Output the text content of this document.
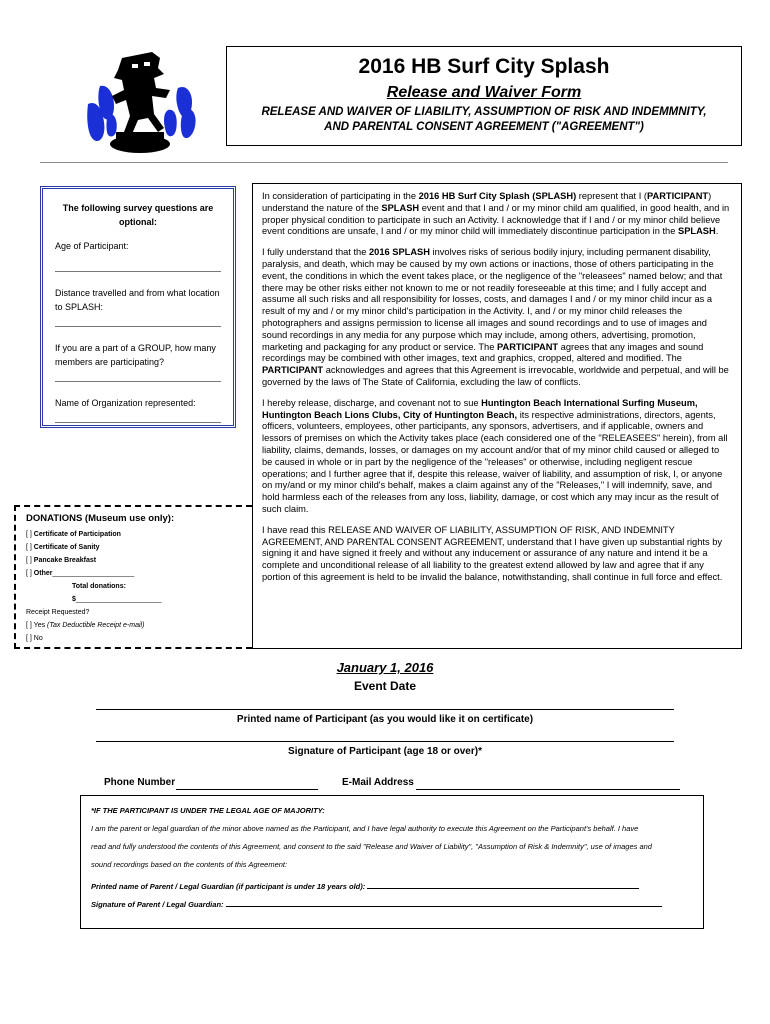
2016 HB Surf City Splash
Release and Waiver Form
RELEASE AND WAIVER OF LIABILITY, ASSUMPTION OF RISK AND INDEMMNITY,
AND PARENTAL CONSENT AGREEMENT ("AGREEMENT")
The following survey questions are
optional:
Age of Participant:
Distance travelled and from what location to SPLASH:
If you are a part of a GROUP, how many members are participating?
Name of Organization represented:
DONATIONS (Museum use only):
[ ] Certificate of Participation
[ ] Certificate of Sanity
[ ] Pancake Breakfast
[ ] Other_____________________
Total donations:
$______________________
Receipt Requested?
[ ] Yes (Tax Deductible Receipt e-mail)
[ ] No

In consideration of participating in the 2016 HB Surf City Splash (SPLASH) represent that I (PARTICIPANT) understand the nature of the SPLASH event and that I and / or my minor child am qualified, in good health, and in proper physical condition to participate in such an Activity. I acknowledge that if I and / or my minor child believe event conditions are unsafe, I and / or my minor child will immediately discontinue participation in the SPLASH.

I fully understand that the 2016 SPLASH involves risks of serious bodily injury, including permanent disability, paralysis, and death, which may be caused by my own actions or inactions, those of others participating in the event, the conditions in which the event takes place, or the negligence of the "releasees" named below; and that there may be other risks either not known to me or not readily foreseeable at this time; and I fully accept and assume all such risks and all responsibility for losses, costs, and damages I and / or my minor child incur as a result of my and / or my minor child's participation in the Activity. I, and / or my minor child releases the photographers and assigns permission to license all images and sound recordings and to use of images and sound recordings in any media for any purpose which may include, among others, advertising, promotion, marketing and packaging for any product or service. The PARTICIPANT agrees that any images and sound recordings may be combined with other images, text and graphics, cropped, altered and modified. The PARTICIPANT acknowledges and agrees that this Agreement is irrevocable, worldwide and perpetual, and will be governed by the laws of The State of California, excluding the law of conflicts.

I hereby release, discharge, and covenant not to sue Huntington Beach International Surfing Museum, Huntington Beach Lions Clubs, City of Huntington Beach, its respective administrations, directors, agents, officers, volunteers, employees, other participants, any sponsors, advertisers, and if applicable, owners and lessors of premises on which the Activity takes place (each considered one of the "RELEASEES" herein), from all liability, claims, demands, losses, or damages on my account and/or that of my minor child caused or alleged to be caused in whole or in part by the negligence of the "releases" or otherwise, including negligent rescue operations; and I further agree that if, despite this release, waiver of liability, and assumption of risk, I, or anyone on my/and or my minor child's behalf, makes a claim against any of the "Releases," I will indemnify, save, and hold harmless each of the releases from any loss, liability, damage, or cost which any may incur as the result of such claim.

I have read this RELEASE AND WAIVER OF LIABILITY, ASSUMPTION OF RISK, AND INDEMNITY AGREEMENT, AND PARENTAL CONSENT AGREEMENT, understand that I have given up substantial rights by signing it and have signed it freely and without any inducement or assurance of any nature and intend it be a complete and unconditional release of all liability to the greatest extend allowed by law and agree that if any portion of this agreement is held to be invalid the balance, notwithstanding, shall continue in full force and effect.

January 1, 2016
Event Date
Printed name of Participant (as you would like it on certificate)
Signature of Participant (age 18 or over)*
Phone Number	E-Mail Address
*IF THE PARTICIPANT IS UNDER THE LEGAL AGE OF MAJORITY:
I am the parent or legal guardian of the minor above named as the Participant, and I have legal authority to execute this Agreement on the Participant's behalf. I have
read and fully understood the contents of this Agreement, and consent to the said "Release and Waiver of Liability", "Assumption of Risk & Indemnity", use of images and
sound recordings based on the contents of this Agreement:
Printed name of Parent / Legal Guardian (if participant is under 18 years old):
Signature of Parent / Legal Guardian:
